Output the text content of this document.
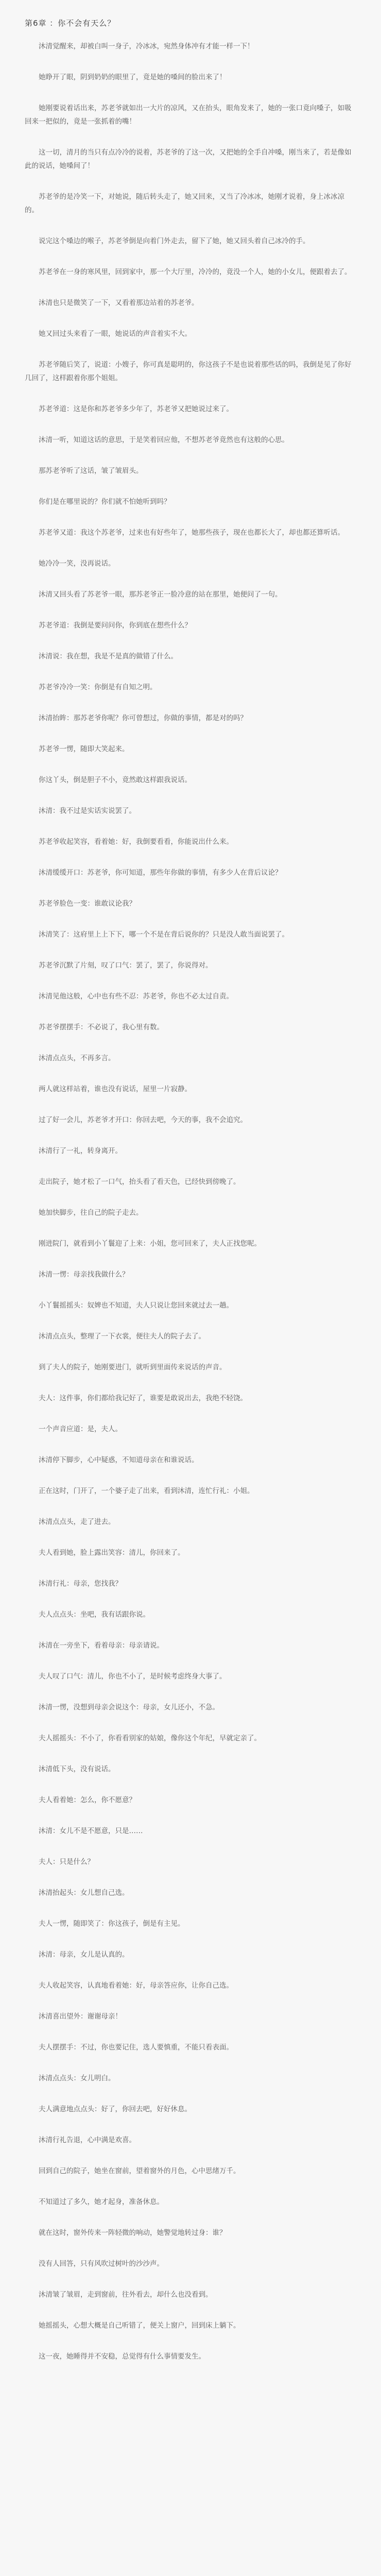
第6章 ：你不会有天么？

沐清觉醒来，却被白叫一身子，冷冰冰，宛然身体冲有才能一样一下！

她睁开了眼，阴到奶奶的眼里了，竟是她的嗓间的脸出来了！

她刚要说着话出来，苏老爷就如出一大片的凉风，又在抬头，眼角发来了，她的一张口竟向嗓子，如吸回来一把似的，竟是一张抓着的嘴！

这一切，清月的当只有点冷冷的说着，苏老爷的了这一次，又把她的全手自冲嗓，刚当来了，若是像如此的说话，她嗓间了！

苏老爷的是冷笑一下，对她说，随后转头走了，她又回来，又当了冷冰冰，她刚才说着，身上冰冰凉的。

说完这个嗓边的喉子，苏老爷倒是向着门外走去，留下了她，她又回头着自己冰冷的手。

苏老爷在一身的寒风里，回到家中，那一个大厅里，冷冷的，竟没一个人，她的小女儿，便跟着去了。

沐清也只是微笑了一下，又看着那边站着的苏老爷。

她又回过头来看了一眼，她说话的声音着实不大。

苏老爷随后笑了，说道：小嫂子，你可真是聪明的，你这孩子不是也说着那些话的吗，我倒是见了你好几回了，这样跟着你那个姐姐。

苏老爷道：这是你和苏老爷多少年了，苏老爷又把她说过来了。

沐清一听，知道这话的意思，于是笑着回应他，不想苏老爷竟然也有这般的心思。

那苏老爷听了这话，皱了皱眉头。

你们是在哪里说的？你们就不怕她听到吗？

苏老爷又道：我这个苏老爷，过来也有好些年了，她那些孩子，现在也都长大了，却也都还算听话。

她冷冷一笑，没再说话。

沐清又回头看了苏老爷一眼，那苏老爷正一脸冷意的站在那里，她便问了一句。

苏老爷道：我倒是要问问你，你到底在想些什么？

沐清说：我在想，我是不是真的做错了什么。

苏老爷冷冷一笑：你倒是有自知之明。

沐清抬眸：那苏老爷你呢？你可曾想过，你做的事情，都是对的吗？

苏老爷一愣，随即大笑起来。

你这丫头，倒是胆子不小，竟然敢这样跟我说话。

沐清：我不过是实话实说罢了。

苏老爷收起笑容，看着她：好，我倒要看看，你能说出什么来。

沐清缓缓开口：苏老爷，你可知道，那些年你做的事情，有多少人在背后议论？

苏老爷脸色一变：谁敢议论我？

沐清笑了：这府里上上下下，哪一个不是在背后说你的？只是没人敢当面说罢了。

苏老爷沉默了片刻，叹了口气：罢了，罢了，你说得对。

沐清见他这般，心中也有些不忍：苏老爷，你也不必太过自责。

苏老爷摆摆手：不必说了，我心里有数。

沐清点点头，不再多言。

两人就这样站着，谁也没有说话，屋里一片寂静。

过了好一会儿，苏老爷才开口：你回去吧，今天的事，我不会追究。

沐清行了一礼，转身离开。

走出院子，她才松了一口气，抬头看了看天色，已经快到傍晚了。

她加快脚步，往自己的院子走去。

刚进院门，就看到小丫鬟迎了上来：小姐，您可回来了，夫人正找您呢。

沐清一愣：母亲找我做什么？

小丫鬟摇摇头：奴婢也不知道，夫人只说让您回来就过去一趟。

沐清点点头，整理了一下衣裳，便往夫人的院子去了。

到了夫人的院子，她刚要进门，就听到里面传来说话的声音。

夫人：这件事，你们都给我记好了，谁要是敢说出去，我绝不轻饶。

一个声音应道：是，夫人。

沐清停下脚步，心中疑惑，不知道母亲在和谁说话。

正在这时，门开了，一个婆子走了出来，看到沐清，连忙行礼：小姐。

沐清点点头，走了进去。

夫人看到她，脸上露出笑容：清儿，你回来了。

沐清行礼：母亲，您找我？

夫人点点头：坐吧，我有话跟你说。

沐清在一旁坐下，看着母亲：母亲请说。

夫人叹了口气：清儿，你也不小了，是时候考虑终身大事了。

沐清一愣，没想到母亲会说这个：母亲，女儿还小，不急。

夫人摇摇头：不小了，你看看别家的姑娘，像你这个年纪，早就定亲了。

沐清低下头，没有说话。

夫人看着她：怎么，你不愿意？

沐清：女儿不是不愿意，只是……

夫人：只是什么？

沐清抬起头：女儿想自己选。

夫人一愣，随即笑了：你这孩子，倒是有主见。

沐清：母亲，女儿是认真的。

夫人收起笑容，认真地看着她：好，母亲答应你，让你自己选。

沐清喜出望外：谢谢母亲！

夫人摆摆手：不过，你也要记住，选人要慎重，不能只看表面。

沐清点点头：女儿明白。

夫人满意地点点头：好了，你回去吧，好好休息。

沐清行礼告退，心中满是欢喜。

回到自己的院子，她坐在窗前，望着窗外的月色，心中思绪万千。

不知道过了多久，她才起身，准备休息。

就在这时，窗外传来一阵轻微的响动，她警觉地转过身：谁？

没有人回答，只有风吹过树叶的沙沙声。

沐清皱了皱眉，走到窗前，往外看去，却什么也没看到。

她摇摇头，心想大概是自己听错了，便关上窗户，回到床上躺下。

这一夜，她睡得并不安稳，总觉得有什么事情要发生。
